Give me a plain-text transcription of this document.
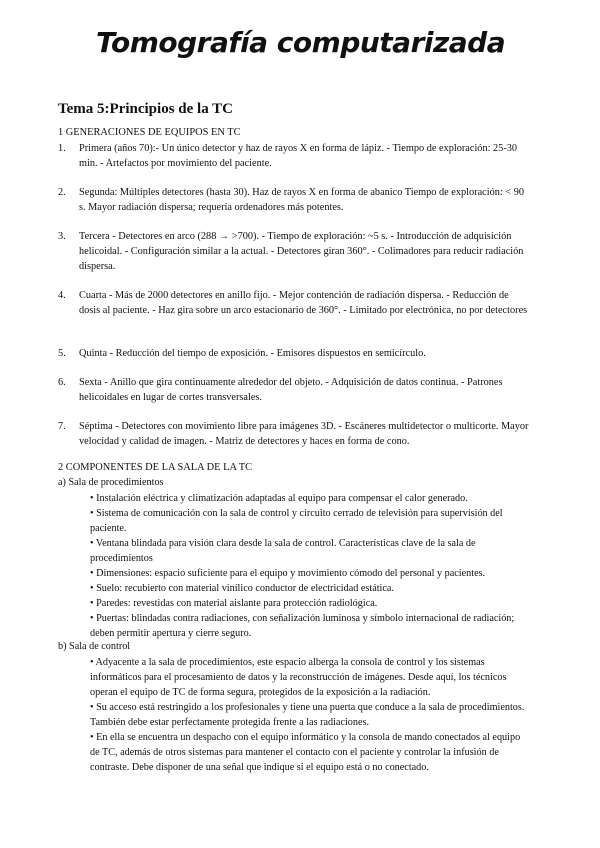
Tomografía computarizada
Tema 5:Principios de la TC
1 GENERACIONES DE EQUIPOS EN TC
1. Primera (años 70):- Un único detector y haz de rayos X en forma de lápiz. - Tiempo de exploración: 25-30 min. - Artefactos por movimiento del paciente.
2. Segunda: Múltiples detectores (hasta 30). Haz de rayos X en forma de abanico Tiempo de exploración: < 90 s. Mayor radiación dispersa; requería ordenadores más potentes.
3. Tercera - Detectores en arco (288 → >700). - Tiempo de exploración: ~5 s. - Introducción de adquisición helicoidal. - Configuración similar a la actual. - Detectores giran 360°. - Colimadores para reducir radiación dispersa.
4. Cuarta - Más de 2000 detectores en anillo fijo. - Mejor contención de radiación dispersa. - Reducción de dosis al paciente. - Haz gira sobre un arco estacionario de 360°. - Limitado por electrónica, no por detectores
5. Quinta - Reducción del tiempo de exposición. - Emisores dispuestos en semicírculo.
6. Sexta - Anillo que gira continuamente alrededor del objeto. - Adquisición de datos continua. - Patrones helicoidales en lugar de cortes transversales.
7. Séptima - Detectores con movimiento libre para imágenes 3D. - Escáneres multidetector o multicorte. Mayor velocidad y calidad de imagen. - Matriz de detectores y haces en forma de cono.
2 COMPONENTES DE LA SALA DE LA TC
a) Sala de procedimientos
• Instalación eléctrica y climatización adaptadas al equipo para compensar el calor generado.
• Sistema de comunicación con la sala de control y circuito cerrado de televisión para supervisión del paciente.
• Ventana blindada para visión clara desde la sala de control. Características clave de la sala de procedimientos
• Dimensiones: espacio suficiente para el equipo y movimiento cómodo del personal y pacientes.
• Suelo: recubierto con material vinílico conductor de electricidad estática.
• Paredes: revestidas con material aislante para protección radiológica.
• Puertas: blindadas contra radiaciones, con señalización luminosa y símbolo internacional de radiación; deben permitir apertura y cierre seguro.
b) Sala de control
• Adyacente a la sala de procedimientos, este espacio alberga la consola de control y los sistemas informáticos para el procesamiento de datos y la reconstrucción de imágenes. Desde aquí, los técnicos operan el equipo de TC de forma segura, protegidos de la exposición a la radiación.
• Su acceso está restringido a los profesionales y tiene una puerta que conduce a la sala de procedimientos. También debe estar perfectamente protegida frente a las radiaciones.
• En ella se encuentra un despacho con el equipo informático y la consola de mando conectados al equipo de TC, además de otros sistemas para mantener el contacto con el paciente y controlar la infusión de contraste. Debe disponer de una señal que indique si el equipo está o no conectado.
